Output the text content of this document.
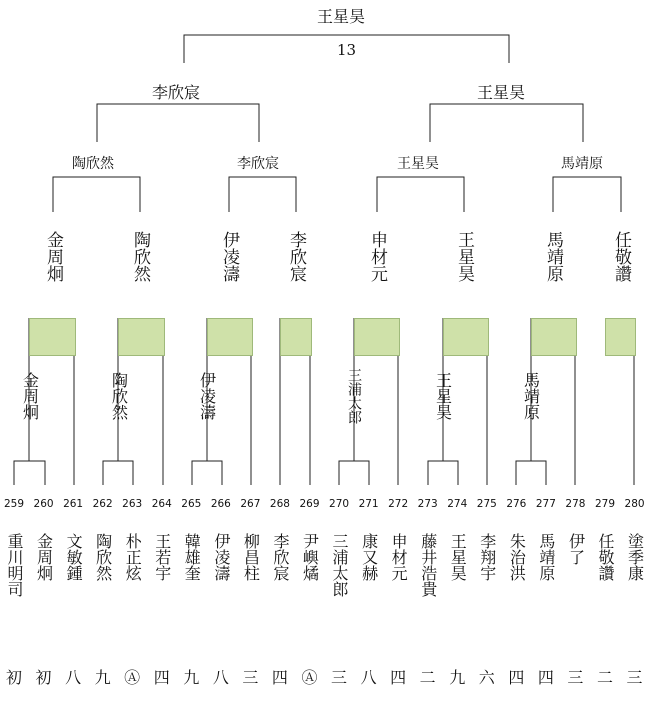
王星昊
13
李欣宸	王星昊
陶欣然	李欣宸	王星昊	馬靖原
金周炯	陶欣然	伊凌濤	李欣宸	申材元	王星昊	馬靖原	任敬讚
金周炯	陶欣然	伊凌濤	三浦太郎	王星昊	馬靖原
259 260 261 262 263 264 265 266 267 268 269 270 271 272 273 274 275 276 277 278 279 280
重川明司 金周炯 文敏鍾 陶欣然 朴正炫 王若宇 韓雄奎 伊凌濤 柳昌柱 李欣宸 尹嶼燏 三浦太郎 康又赫 申材元 藤井浩貴 王星昊 李翔宇 朱治洪 馬靖原 伊了 任敬讚 塗季康
初 初 八 九 Ⓐ 四 九 八 三 四 Ⓐ 三 八 四 二 九 六 四 四 三 二 三
